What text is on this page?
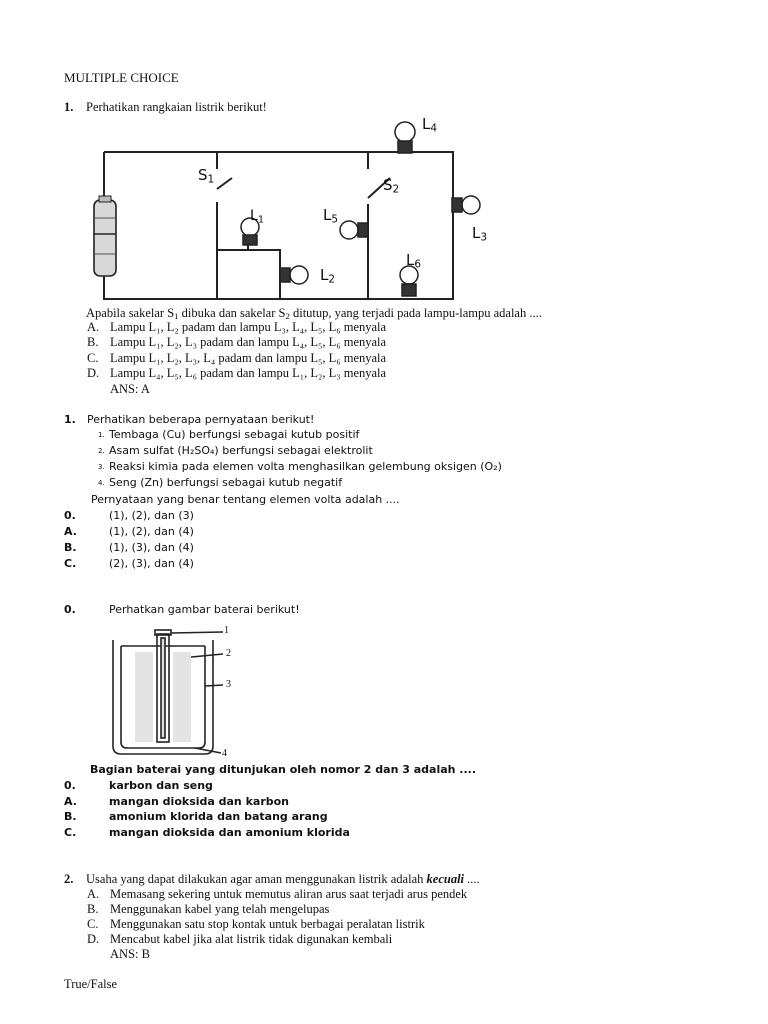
MULTIPLE CHOICE
1. Perhatikan rangkaian listrik berikut!
$S_1$	$S_2$
$L_1$
$L_2$
$L_3$
$L_4$
$L_5$
$L_6$
Apabila sakelar $S_1$ dibuka dan sakelar $S_2$ ditutup, yang terjadi pada lampu-lampu adalah ....
A. Lampu L₁, L₂ padam dan lampu L₃, L₄, L₅, L₆ menyala
B. Lampu L₁, L₂, L₃ padam dan lampu L₄, L₅, L₆ menyala
C. Lampu L₁, L₂, L₃, L₄ padam dan lampu L₅, L₆ menyala
D. Lampu L₄, L₅, L₆ padam dan lampu L₁, L₂, L₃ menyala
ANS: A
1. Perhatikan beberapa pernyataan berikut!
1. Tembaga (Cu) berfungsi sebagai kutub positif
2. Asam sulfat (H₂SO₄) berfungsi sebagai elektrolit
3. Reaksi kimia pada elemen volta menghasilkan gelembung oksigen (O₂)
4. Seng (Zn) berfungsi sebagai kutub negatif
Pernyataan yang benar tentang elemen volta adalah ....
0.	(1), (2), dan (3)
A.	(1), (2), dan (4)
B.	(1), (3), dan (4)
C.	(2), (3), dan (4)
0.	Perhatkan gambar baterai berikut!
1
2
3
4
Bagian baterai yang ditunjukan oleh nomor 2 dan 3 adalah ....
0.	karbon dan seng
A.	mangan dioksida dan karbon
B.	amonium klorida dan batang arang
C.	mangan dioksida dan amonium klorida
2. Usaha yang dapat dilakukan agar aman menggunakan listrik adalah kecuali ....
A. Memasang sekering untuk memutus aliran arus saat terjadi arus pendek
B. Menggunakan kabel yang telah mengelupas
C. Menggunakan satu stop kontak untuk berbagai peralatan listrik
D. Mencabut kabel jika alat listrik tidak digunakan kembali
ANS: B
True/False
